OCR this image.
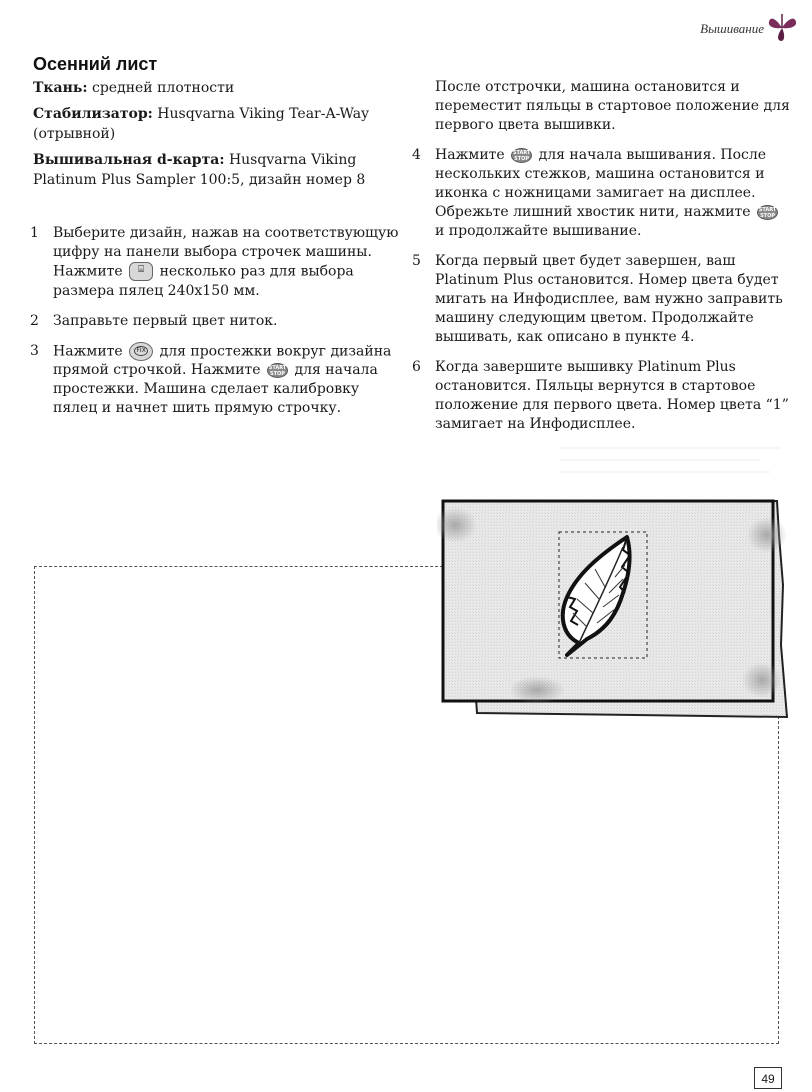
Вышивание
Осенний лист
Ткань: средней плотности
Стабилизатор: Husqvarna Viking Tear-A-Way (отрывной)
Вышивальная d-карта: Husqvarna Viking Platinum Plus Sampler 100:5, дизайн номер 8
1 Выберите дизайн, нажав на соответствующую цифру на панели выбора строчек машины. Нажмите ⌸ несколько раз для выбора размера пялец 240x150 мм.
2 Заправьте первый цвет ниток.
3 Нажмите FIX для простежки вокруг дизайна прямой строчкой. Нажмите START STOP для начала простежки. Машина сделает калибровку пялец и начнет шить прямую строчку.
После отстрочки, машина остановится и переместит пяльцы в стартовое положение для первого цвета вышивки.
4 Нажмите START STOP для начала вышивания. После нескольких стежков, машина остановится и иконка с ножницами замигает на дисплее. Обрежьте лишний хвостик нити, нажмите START STOP и продолжайте вышивание.
5 Когда первый цвет будет завершен, ваш Platinum Plus остановится. Номер цвета будет мигать на Инфодисплее, вам нужно заправить машину следующим цветом. Продолжайте вышивать, как описано в пункте 4.
6 Когда завершите вышивку Platinum Plus остановится. Пяльцы вернутся в стартовое положение для первого цвета. Номер цвета “1” замигает на Инфодисплее.
49
